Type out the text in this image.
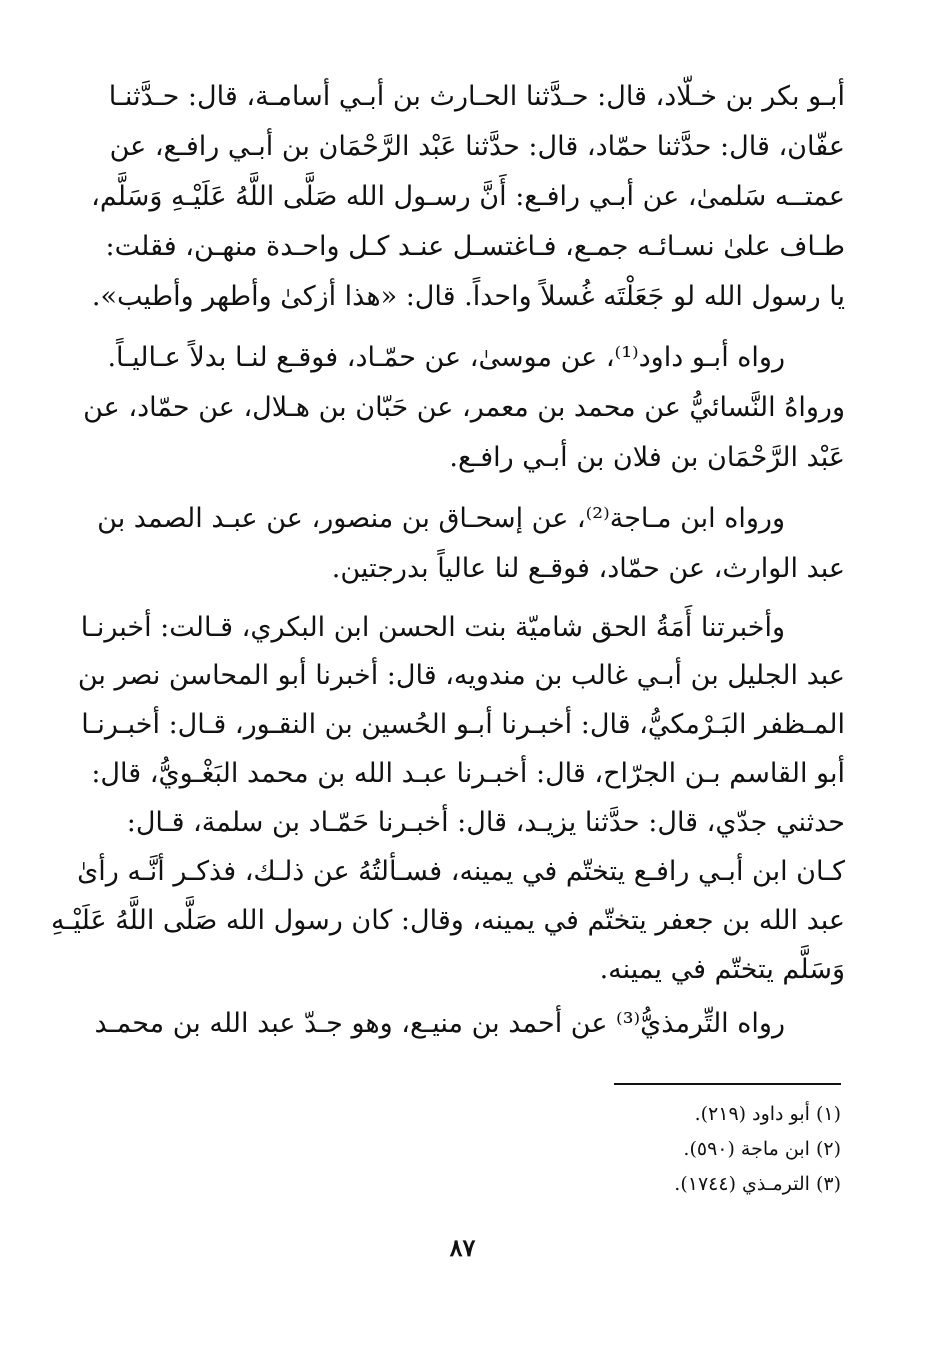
أبـو بكر بن خـلّاد، قال: حـدَّثنا الحـارث بن أبـي أسامـة، قال: حـدَّثنـا
عفّان، قال: حدَّثنا حمّاد، قال: حدَّثنا عَبْد الرَّحْمَان بن أبـي رافـع، عن
عمتــه سَلمىٰ، عن أبـي رافـع: أَنَّ رسـول الله صَلَّى اللَّهُ عَلَيْـهِ وَسَلَّم،
طـاف علىٰ نسـائـه جمـع، فـاغتسـل عنـد كـل واحـدة منهـن، فقلت:
يا رسول الله لو جَعَلْتَه غُسلاً واحداً. قال: «هذا أزكىٰ وأطهر وأطيب».
رواه أبـو داود⁽¹⁾، عن موسىٰ، عن حمّـاد، فوقـع لنـا بدلاً عـاليـاً.
ورواهُ النَّسائيُّ عن محمد بن معمر، عن حَبّان بن هـلال، عن حمّاد، عن
عَبْد الرَّحْمَان بن فلان بن أبـي رافـع.
ورواه ابن مـاجة⁽²⁾، عن إسحـاق بن منصور، عن عبـد الصمد بن
عبد الوارث، عن حمّاد، فوقـع لنا عالياً بدرجتين.
وأخبرتنا أَمَةُ الحق شاميّة بنت الحسن ابن البكري، قـالت: أخبرنـا
عبد الجليل بن أبـي غالب بن مندويه، قال: أخبرنا أبو المحاسن نصر بن
المـظفر البَـرْمكيُّ، قال: أخبـرنا أبـو الحُسين بن النقـور، قـال: أخبـرنـا
أبو القاسم بـن الجرّاح، قال: أخبـرنا عبـد الله بن محمد البَغْـويُّ، قال:
حدثني جدّي، قال: حدَّثنا يزيـد، قال: أخبـرنا حَمّـاد بن سلمة، قـال:
كـان ابن أبـي رافـع يتختّم في يمينه، فسـألتُهُ عن ذلـك، فذكـر أنَّـه رأىٰ
عبد الله بن جعفر يتختّم في يمينه، وقال: كان رسول الله صَلَّى اللَّهُ عَلَيْـهِ
وَسَلَّم يتختّم في يمينه.
رواه التِّرمذيُّ⁽³⁾ عن أحمد بن منيـع، وهو جـدّ عبد الله بن محمـد
(١) أبو داود (٢١٩).
(٢) ابن ماجة (٥٩٠).
(٣) الترمـذي (١٧٤٤).
٨٧
